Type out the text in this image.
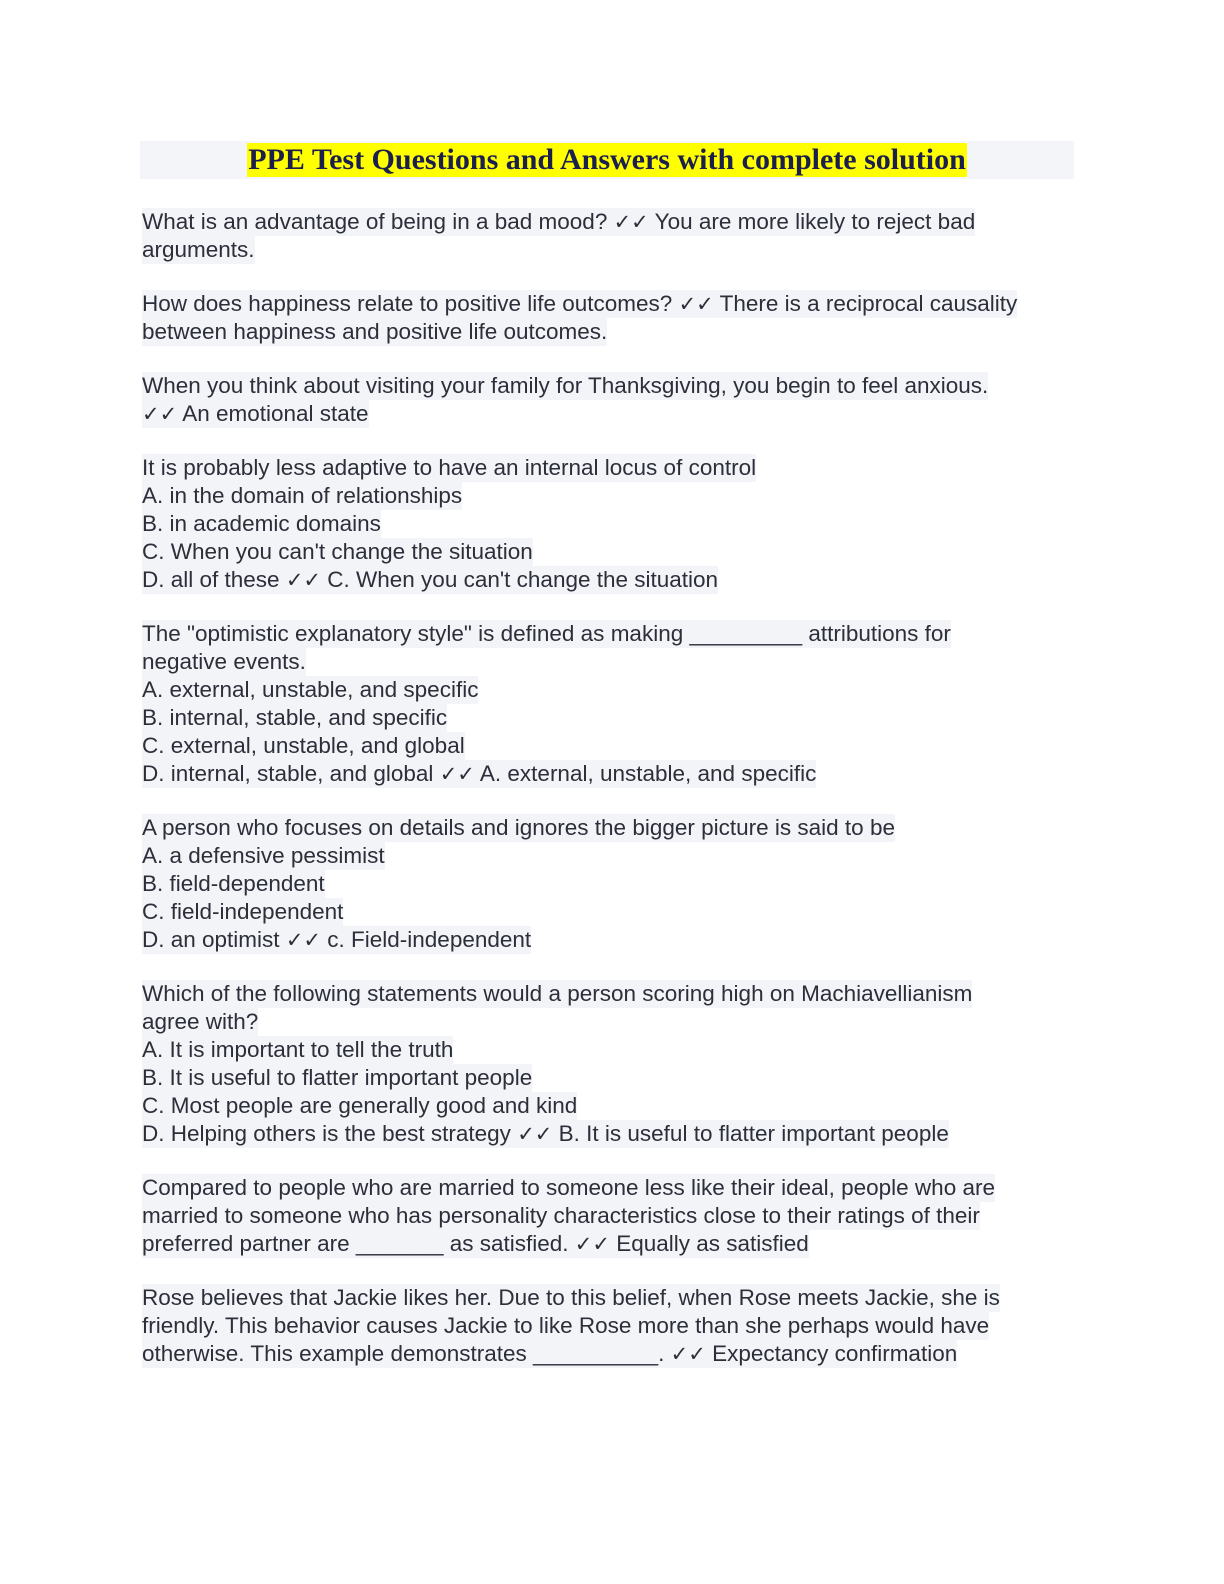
PPE Test Questions and Answers with complete solution
What is an advantage of being in a bad mood? ✓✓ You are more likely to reject bad
arguments.
How does happiness relate to positive life outcomes? ✓✓ There is a reciprocal causality
between happiness and positive life outcomes.
When you think about visiting your family for Thanksgiving, you begin to feel anxious.
✓✓ An emotional state
It is probably less adaptive to have an internal locus of control
A. in the domain of relationships
B. in academic domains
C. When you can't change the situation
D. all of these ✓✓ C. When you can't change the situation
The "optimistic explanatory style" is defined as making _________ attributions for
negative events.
A. external, unstable, and specific
B. internal, stable, and specific
C. external, unstable, and global
D. internal, stable, and global ✓✓ A. external, unstable, and specific
A person who focuses on details and ignores the bigger picture is said to be
A. a defensive pessimist
B. field-dependent
C. field-independent
D. an optimist ✓✓ c. Field-independent
Which of the following statements would a person scoring high on Machiavellianism
agree with?
A. It is important to tell the truth
B. It is useful to flatter important people
C. Most people are generally good and kind
D. Helping others is the best strategy ✓✓ B. It is useful to flatter important people
Compared to people who are married to someone less like their ideal, people who are
married to someone who has personality characteristics close to their ratings of their
preferred partner are _______ as satisfied. ✓✓ Equally as satisfied
Rose believes that Jackie likes her. Due to this belief, when Rose meets Jackie, she is
friendly. This behavior causes Jackie to like Rose more than she perhaps would have
otherwise. This example demonstrates __________. ✓✓ Expectancy confirmation
